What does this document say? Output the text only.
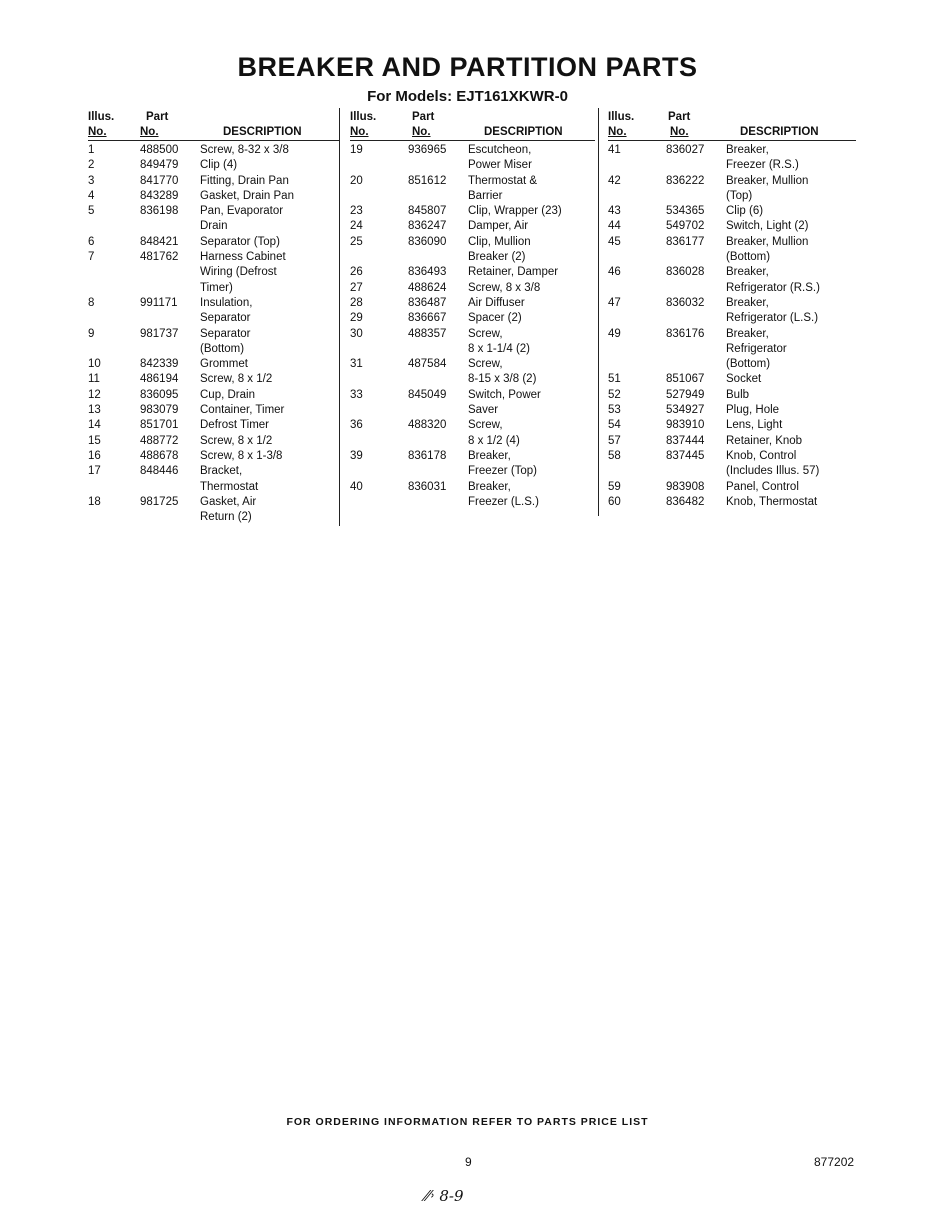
BREAKER AND PARTITION PARTS
For Models: EJT161XKWR-0
Illus.
No.
Part
No.	DESCRIPTION
1	488500	Screw, 8-32 x 3/8
2	849479	Clip (4)
3	841770	Fitting, Drain Pan
4	843289	Gasket, Drain Pan
5	836198	Pan, Evaporator
Drain
6	848421	Separator (Top)
7	481762	Harness Cabinet
Wiring (Defrost
Timer)
8	991171	Insulation,
Separator
9	981737	Separator
(Bottom)
10	842339	Grommet
11	486194	Screw, 8 x 1/2
12	836095	Cup, Drain
13	983079	Container, Timer
14	851701	Defrost Timer
15	488772	Screw, 8 x 1/2
16	488678	Screw, 8 x 1-3/8
17	848446	Bracket,
Thermostat
18	981725	Gasket, Air
Return (2)
Illus.
No.
Part
No.	DESCRIPTION
19	936965	Escutcheon,
Power Miser
20	851612	Thermostat &
Barrier
23	845807	Clip, Wrapper (23)
24	836247	Damper, Air
25	836090	Clip, Mullion
Breaker (2)
26	836493	Retainer, Damper
27	488624	Screw, 8 x 3/8
28	836487	Air Diffuser
29	836667	Spacer (2)
30	488357	Screw,
8 x 1-1/4 (2)
31	487584	Screw,
8-15 x 3/8 (2)
33	845049	Switch, Power
Saver
36	488320	Screw,
8 x 1/2 (4)
39	836178	Breaker,
Freezer (Top)
40	836031	Breaker,
Freezer (L.S.)
Illus.
No.
Part
No.	DESCRIPTION
41	836027	Breaker,
Freezer (R.S.)
42	836222	Breaker, Mullion
(Top)
43	534365	Clip (6)
44	549702	Switch, Light (2)
45	836177	Breaker, Mullion
(Bottom)
46	836028	Breaker,
Refrigerator (R.S.)
47	836032	Breaker,
Refrigerator (L.S.)
49	836176	Breaker,
Refrigerator
(Bottom)
51	851067	Socket
52	527949	Bulb
53	534927	Plug, Hole
54	983910	Lens, Light
57	837444	Retainer, Knob
58	837445	Knob, Control
(Includes Illus. 57)
59	983908	Panel, Control
60	836482	Knob, Thermostat
FOR ORDERING INFORMATION REFER TO PARTS PRICE LIST
9	877202
⁄⁄˒ 8-9
